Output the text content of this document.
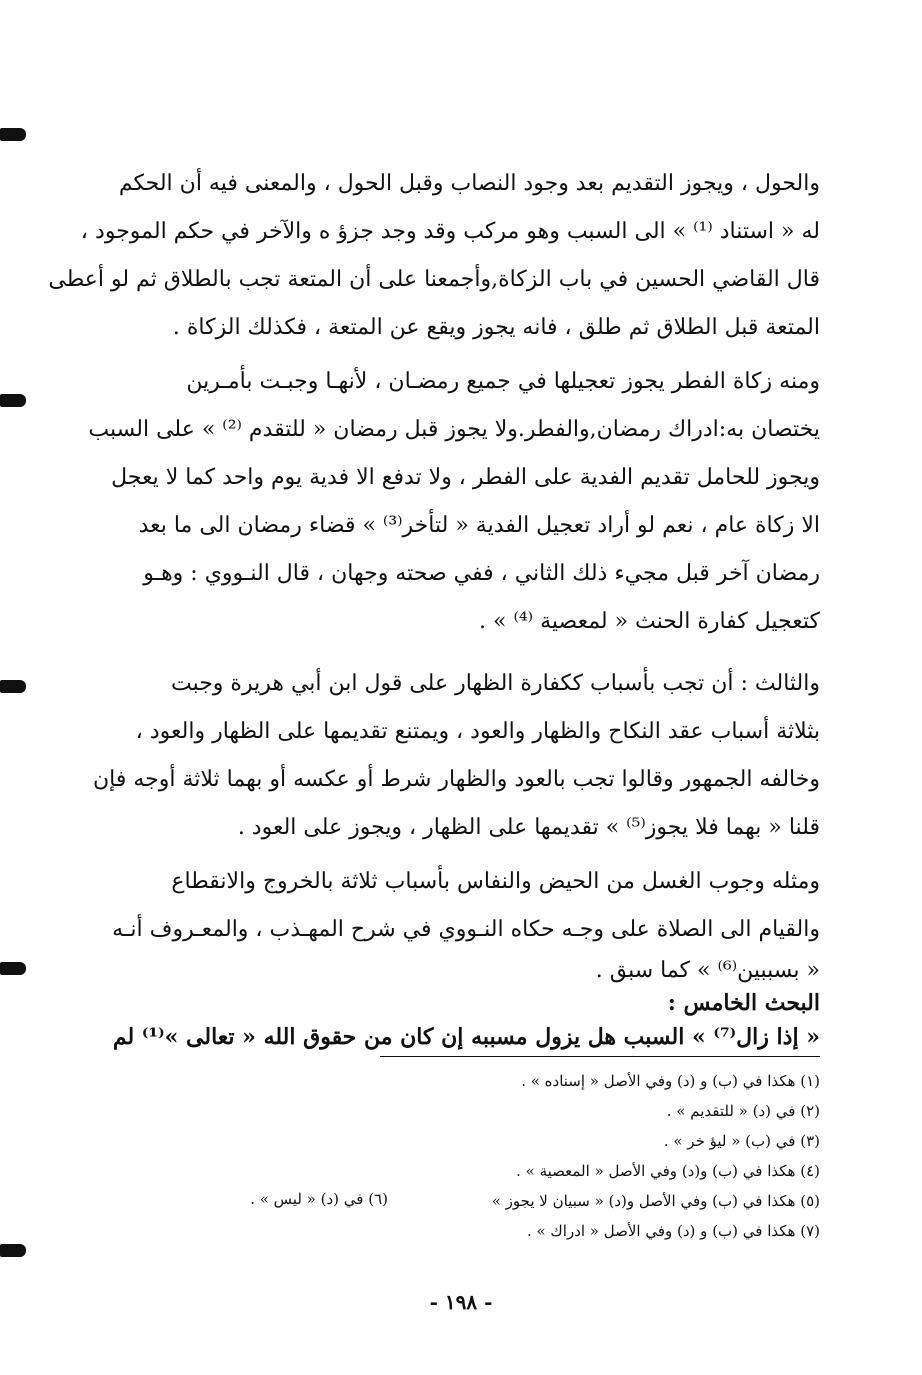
والحول ، ويجوز التقديم بعد وجود النصاب وقبل الحول ، والمعنى فيه أن الحكم
له « استناد ⁽¹⁾ » الى السبب وهو مركب وقد وجد جزؤ ه والآخر في حكم الموجود ،
قال القاضي الحسين في باب الزكاة,وأجمعنا على أن المتعة تجب بالطلاق ثم لو أعطى
المتعة قبل الطلاق ثم طلق ، فانه يجوز ويقع عن المتعة ، فكذلك الزكاة .
ومنه زكاة الفطر يجوز تعجيلها في جميع رمضـان ، لأنهـا وجبـت بأمـرين
يختصان به:ادراك رمضان,والفطر.ولا يجوز قبل رمضان « للتقدم ⁽²⁾ » على السبب
ويجوز للحامل تقديم الفدية على الفطر ، ولا تدفع الا فدية يوم واحد كما لا يعجل
الا زكاة عام ، نعم لو أراد تعجيل الفدية « لتأخر⁽³⁾ » قضاء رمضان الى ما بعد
رمضان آخر قبل مجيء ذلك الثاني ، ففي صحته وجهان ، قال النـووي : وهـو
كتعجيل كفارة الحنث « لمعصية ⁽⁴⁾ » .
والثالث : أن تجب بأسباب ككفارة الظهار على قول ابن أبي هريرة وجبت
بثلاثة أسباب عقد النكاح والظهار والعود ، ويمتنع تقديمها على الظهار والعود ،
وخالفه الجمهور وقالوا تجب بالعود والظهار شرط أو عكسه أو بهما ثلاثة أوجه فإن
قلنا « بهما فلا يجوز⁽⁵⁾ » تقديمها على الظهار ، ويجوز على العود .
ومثله وجوب الغسل من الحيض والنفاس بأسباب ثلاثة بالخروج والانقطاع
والقيام الى الصلاة على وجـه حكاه النـووي في شرح المهـذب ، والمعـروف أنـه
« بسببين⁽⁶⁾ » كما سبق .
البحث الخامس :
« إذا زال⁽⁷⁾ » السبب هل يزول مسببه إن كان من حقوق الله « تعالى »⁽¹⁾ لم
(١) هكذا في (ب) و (د) وفي الأصل « إسناده » .
(٢) في (د) « للتقديم » .
(٣) في (ب) « ليؤ خر » .
(٤) هكذا في (ب) و(د) وفي الأصل « المعصية » .
(٥) هكذا في (ب) وفي الأصل و(د) « سبيان لا يجوز »
(٧) هكذا في (ب) و (د) وفي الأصل « ادراك » .
(٦) في (د) « ليس » .
- ١٩٨ -
